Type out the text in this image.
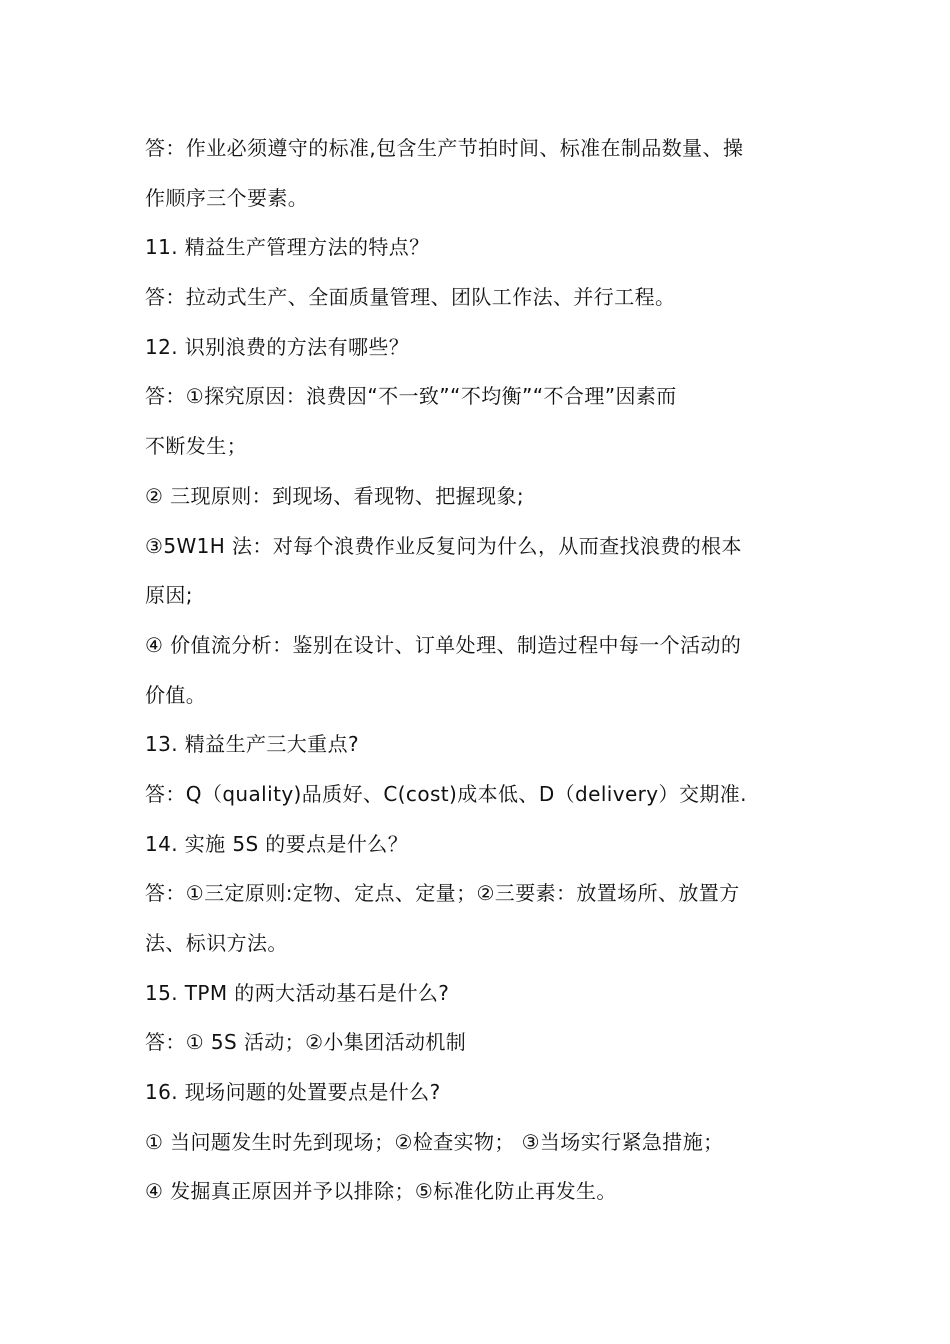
答：作业必须遵守的标准,包含生产节拍时间、标准在制品数量、操
作顺序三个要素。
11. 精益生产管理方法的特点？
答：拉动式生产、全面质量管理、团队工作法、并行工程。
12. 识别浪费的方法有哪些？
答：①探究原因：浪费因“不一致”“不均衡”“不合理”因素而
不断发生；
② 三现原则：到现场、看现物、把握现象;
③5W1H 法：对每个浪费作业反复问为什么，从而查找浪费的根本
原因;
④ 价值流分析：鉴别在设计、订单处理、制造过程中每一个活动的
价值。
13. 精益生产三大重点?
答：Q（quality)品质好、C(cost)成本低、D（delivery）交期准.
14. 实施 5S 的要点是什么？
答：①三定原则:定物、定点、定量；②三要素：放置场所、放置方
法、标识方法。
15. TPM 的两大活动基石是什么?
答：① 5S 活动；②小集团活动机制
16. 现场问题的处置要点是什么?
① 当问题发生时先到现场；②检查实物； ③当场实行紧急措施；
④ 发掘真正原因并予以排除；⑤标准化防止再发生。
